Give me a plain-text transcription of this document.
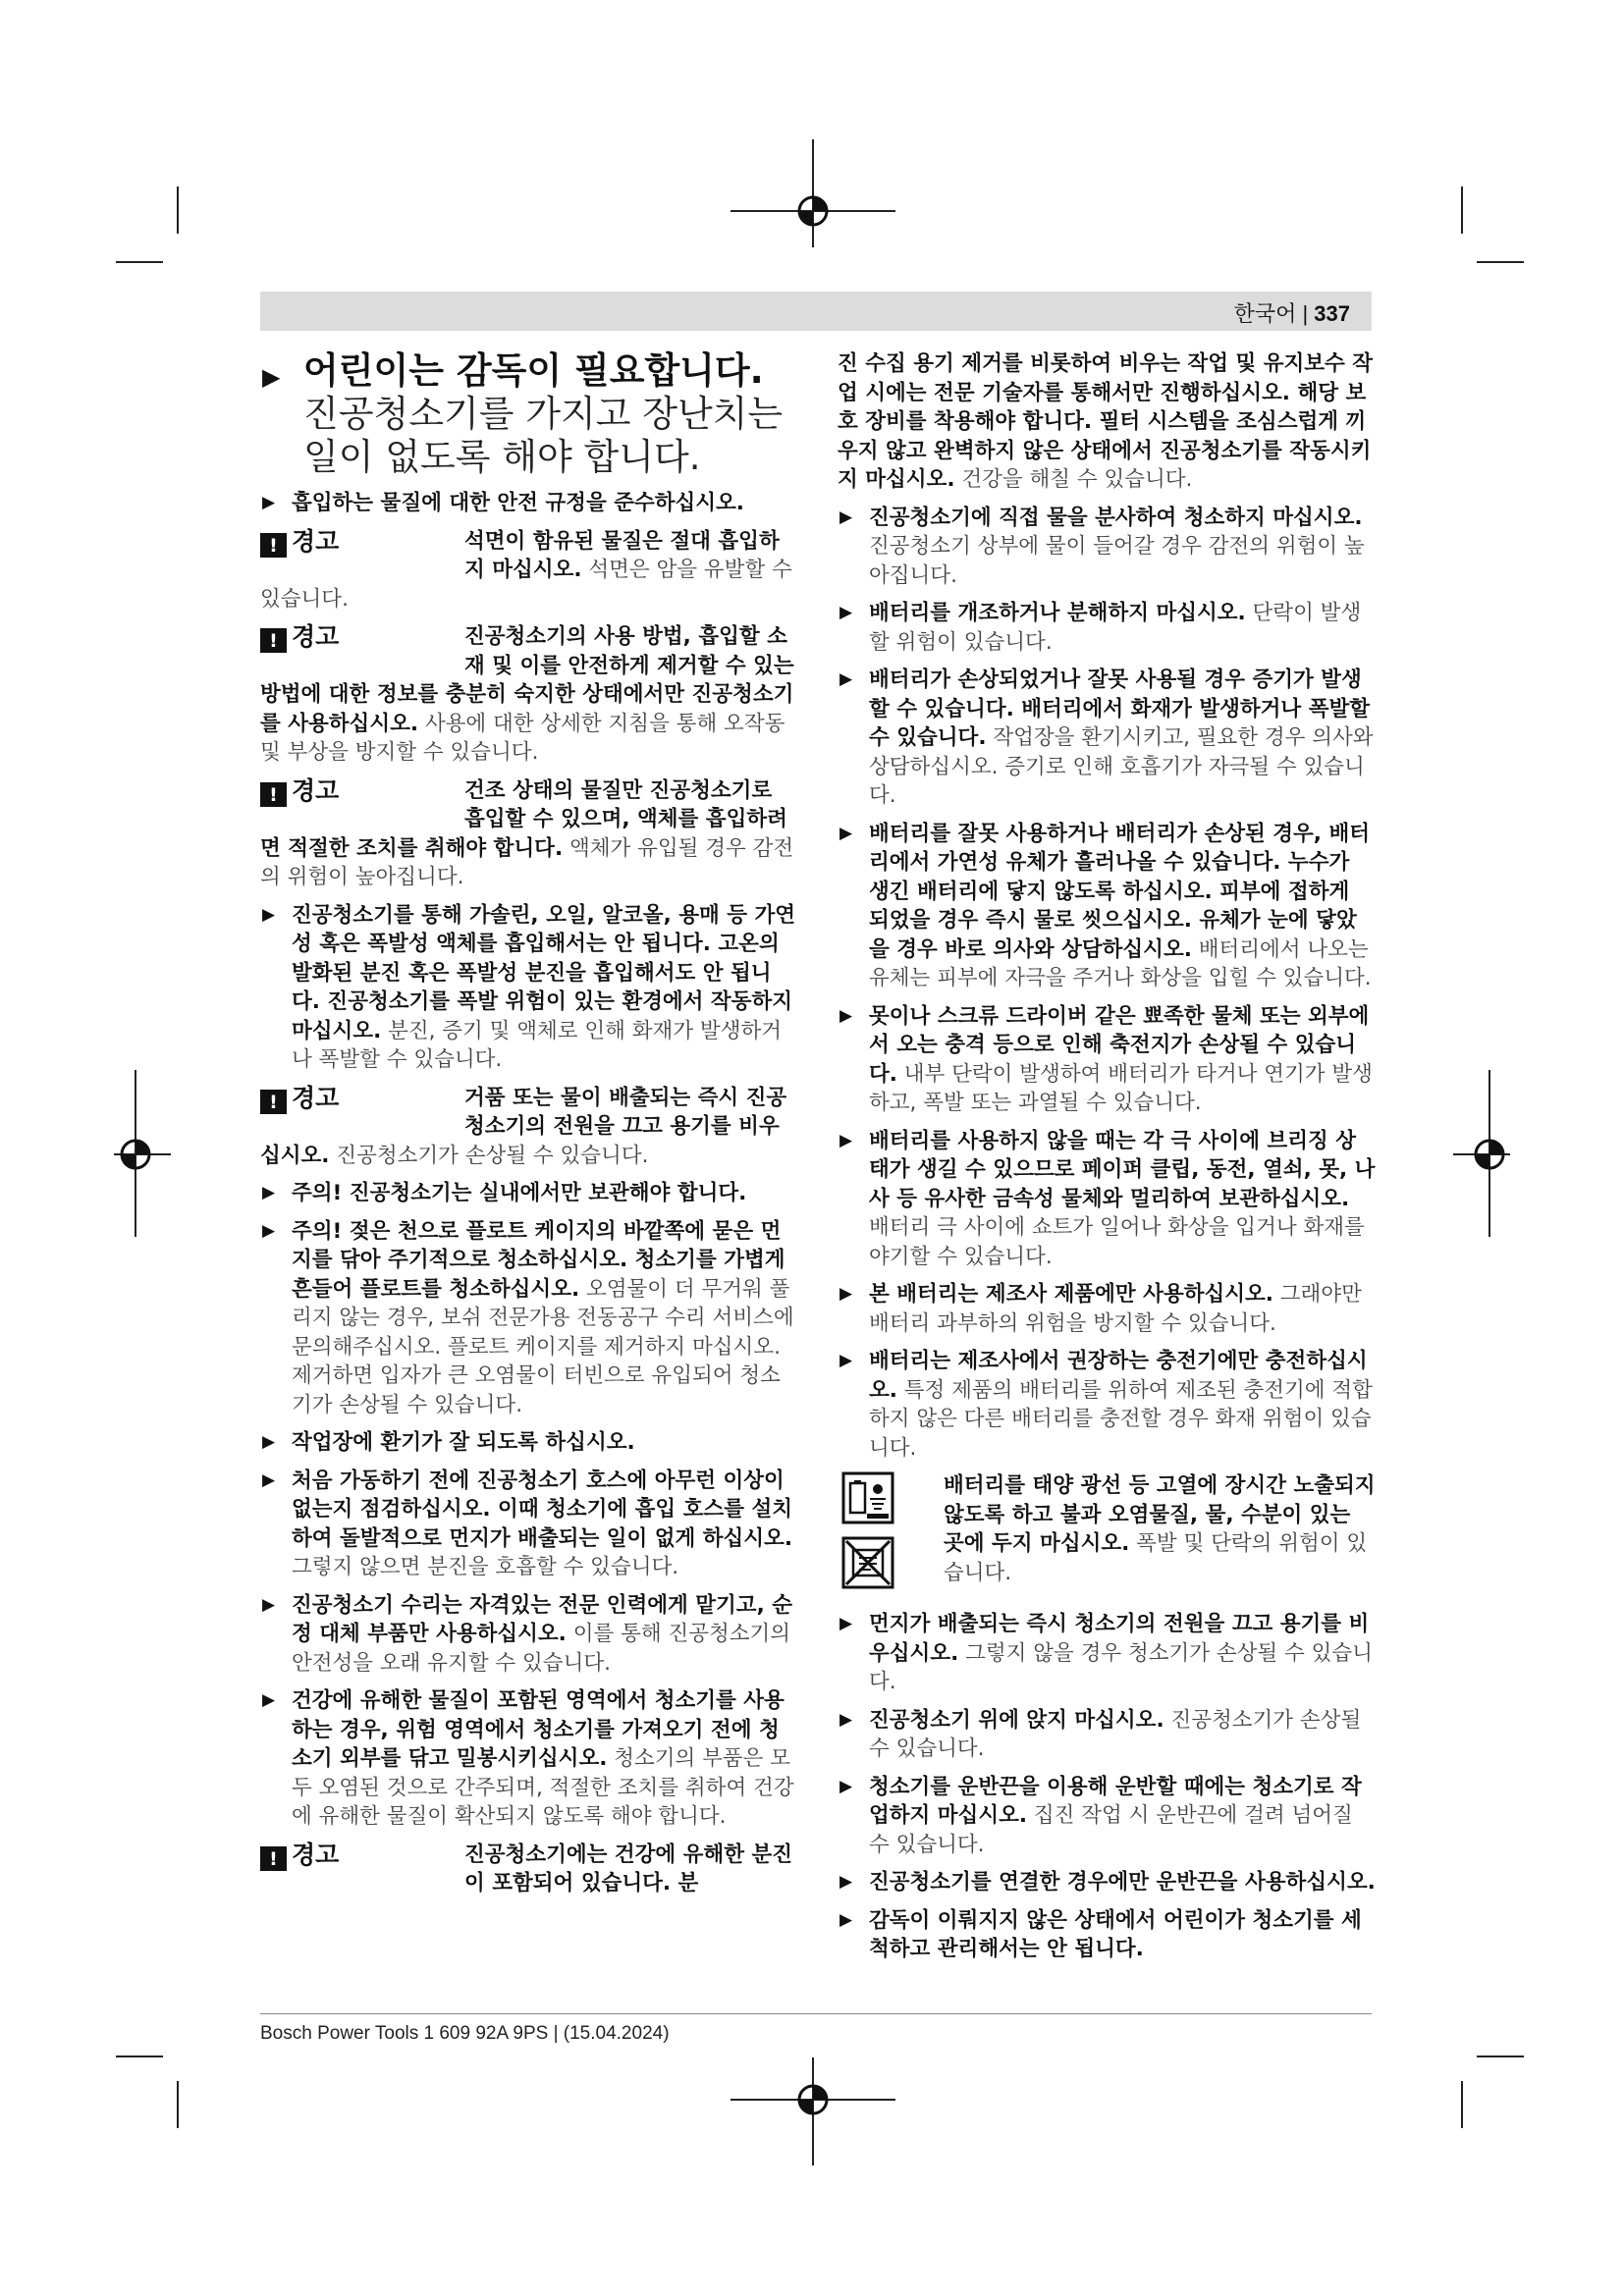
한국어 | 337
▶ 어린이는 감독이 필요합니다. 진공청소기를 가지고 장난치는 일이 없도록 해야 합니다.
▶ 흡입하는 물질에 대한 안전 규정을 준수하십시오.
! 경고	석면이 함유된 물질은 절대 흡입하지 마십시오. 석면은 암을 유발할 수 있습니다.
! 경고	진공청소기의 사용 방법, 흡입할 소재 및 이를 안전하게 제거할 수 있는 방법에 대한 정보를 충분히 숙지한 상태에서만 진공청소기를 사용하십시오. 사용에 대한 상세한 지침을 통해 오작동 및 부상을 방지할 수 있습니다.
! 경고	건조 상태의 물질만 진공청소기로 흡입할 수 있으며, 액체를 흡입하려면 적절한 조치를 취해야 합니다. 액체가 유입될 경우 감전의 위험이 높아집니다.
▶ 진공청소기를 통해 가솔린, 오일, 알코올, 용매 등 가연성 혹은 폭발성 액체를 흡입해서는 안 됩니다. 고온의 발화된 분진 혹은 폭발성 분진을 흡입해서도 안 됩니다. 진공청소기를 폭발 위험이 있는 환경에서 작동하지 마십시오. 분진, 증기 및 액체로 인해 화재가 발생하거나 폭발할 수 있습니다.
! 경고	거품 또는 물이 배출되는 즉시 진공청소기의 전원을 끄고 용기를 비우십시오. 진공청소기가 손상될 수 있습니다.
▶ 주의! 진공청소기는 실내에서만 보관해야 합니다.
▶ 주의! 젖은 천으로 플로트 케이지의 바깥쪽에 묻은 먼지를 닦아 주기적으로 청소하십시오. 청소기를 가볍게 흔들어 플로트를 청소하십시오. 오염물이 더 무거워 풀리지 않는 경우, 보쉬 전문가용 전동공구 수리 서비스에 문의해주십시오. 플로트 케이지를 제거하지 마십시오. 제거하면 입자가 큰 오염물이 터빈으로 유입되어 청소기가 손상될 수 있습니다.
▶ 작업장에 환기가 잘 되도록 하십시오.
▶ 처음 가동하기 전에 진공청소기 호스에 아무런 이상이 없는지 점검하십시오. 이때 청소기에 흡입 호스를 설치하여 돌발적으로 먼지가 배출되는 일이 없게 하십시오. 그렇지 않으면 분진을 호흡할 수 있습니다.
▶ 진공청소기 수리는 자격있는 전문 인력에게 맡기고, 순정 대체 부품만 사용하십시오. 이를 통해 진공청소기의 안전성을 오래 유지할 수 있습니다.
▶ 건강에 유해한 물질이 포함된 영역에서 청소기를 사용하는 경우, 위험 영역에서 청소기를 가져오기 전에 청소기 외부를 닦고 밀봉시키십시오. 청소기의 부품은 모두 오염된 것으로 간주되며, 적절한 조치를 취하여 건강에 유해한 물질이 확산되지 않도록 해야 합니다.
! 경고	진공청소기에는 건강에 유해한 분진이 포함되어 있습니다. 분

진 수집 용기 제거를 비롯하여 비우는 작업 및 유지보수 작업 시에는 전문 기술자를 통해서만 진행하십시오. 해당 보호 장비를 착용해야 합니다. 필터 시스템을 조심스럽게 끼우지 않고 완벽하지 않은 상태에서 진공청소기를 작동시키지 마십시오. 건강을 해칠 수 있습니다.

▶ 진공청소기에 직접 물을 분사하여 청소하지 마십시오. 진공청소기 상부에 물이 들어갈 경우 감전의 위험이 높아집니다.
▶ 배터리를 개조하거나 분해하지 마십시오. 단락이 발생할 위험이 있습니다.
▶ 배터리가 손상되었거나 잘못 사용될 경우 증기가 발생할 수 있습니다. 배터리에서 화재가 발생하거나 폭발할 수 있습니다. 작업장을 환기시키고, 필요한 경우 의사와 상담하십시오. 증기로 인해 호흡기가 자극될 수 있습니다.
▶ 배터리를 잘못 사용하거나 배터리가 손상된 경우, 배터리에서 가연성 유체가 흘러나올 수 있습니다. 누수가 생긴 배터리에 닿지 않도록 하십시오. 피부에 접하게 되었을 경우 즉시 물로 씻으십시오. 유체가 눈에 닿았을 경우 바로 의사와 상담하십시오. 배터리에서 나오는 유체는 피부에 자극을 주거나 화상을 입힐 수 있습니다.
▶ 못이나 스크류 드라이버 같은 뾰족한 물체 또는 외부에서 오는 충격 등으로 인해 축전지가 손상될 수 있습니다. 내부 단락이 발생하여 배터리가 타거나 연기가 발생하고, 폭발 또는 과열될 수 있습니다.
▶ 배터리를 사용하지 않을 때는 각 극 사이에 브리징 상태가 생길 수 있으므로 페이퍼 클립, 동전, 열쇠, 못, 나사 등 유사한 금속성 물체와 멀리하여 보관하십시오. 배터리 극 사이에 쇼트가 일어나 화상을 입거나 화재를 야기할 수 있습니다.
▶ 본 배터리는 제조사 제품에만 사용하십시오. 그래야만 배터리 과부하의 위험을 방지할 수 있습니다.
▶ 배터리는 제조사에서 권장하는 충전기에만 충전하십시오. 특정 제품의 배터리를 위하여 제조된 충전기에 적합하지 않은 다른 배터리를 충전할 경우 화재 위험이 있습니다.
배터리를 태양 광선 등 고열에 장시간 노출되지 않도록 하고 불과 오염물질, 물, 수분이 있는 곳에 두지 마십시오. 폭발 및 단락의 위험이 있습니다.
▶ 먼지가 배출되는 즉시 청소기의 전원을 끄고 용기를 비우십시오. 그렇지 않을 경우 청소기가 손상될 수 있습니다.
▶ 진공청소기 위에 앉지 마십시오. 진공청소기가 손상될 수 있습니다.
▶ 청소기를 운반끈을 이용해 운반할 때에는 청소기로 작업하지 마십시오. 집진 작업 시 운반끈에 걸려 넘어질 수 있습니다.
▶ 진공청소기를 연결한 경우에만 운반끈을 사용하십시오.
▶ 감독이 이뤄지지 않은 상태에서 어린이가 청소기를 세척하고 관리해서는 안 됩니다.
Bosch Power Tools 1 609 92A 9PS | (15.04.2024)
